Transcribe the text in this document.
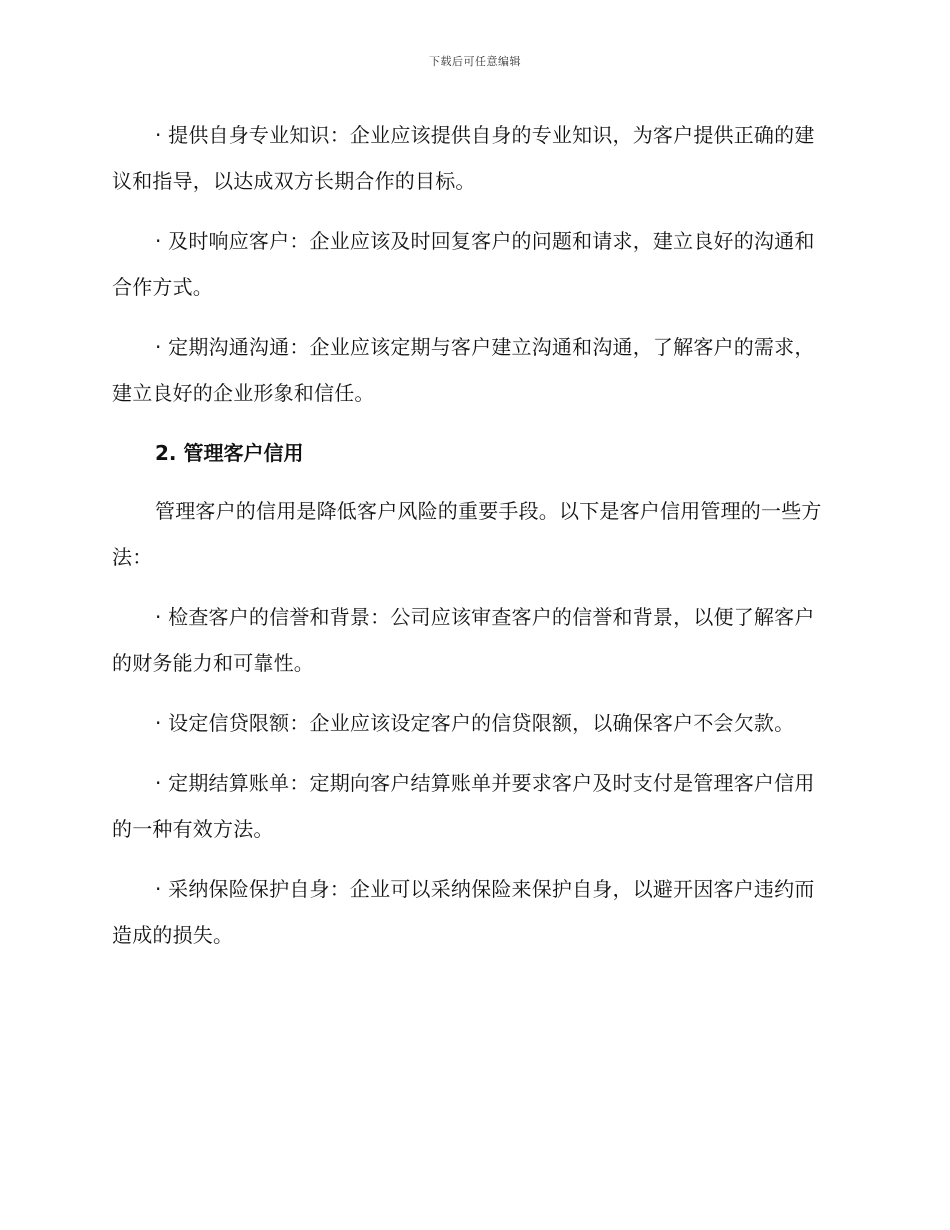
下载后可任意编辑

· 提供自身专业知识：企业应该提供自身的专业知识，为客户提供正确的建议和指导，以达成双方长期合作的目标。

· 及时响应客户：企业应该及时回复客户的问题和请求，建立良好的沟通和合作方式。

· 定期沟通沟通：企业应该定期与客户建立沟通和沟通，了解客户的需求，建立良好的企业形象和信任。

2. 管理客户信用

管理客户的信用是降低客户风险的重要手段。以下是客户信用管理的一些方法：

· 检查客户的信誉和背景：公司应该审查客户的信誉和背景，以便了解客户的财务能力和可靠性。

· 设定信贷限额：企业应该设定客户的信贷限额，以确保客户不会欠款。

· 定期结算账单：定期向客户结算账单并要求客户及时支付是管理客户信用的一种有效方法。

· 采纳保险保护自身：企业可以采纳保险来保护自身，以避开因客户违约而造成的损失。
